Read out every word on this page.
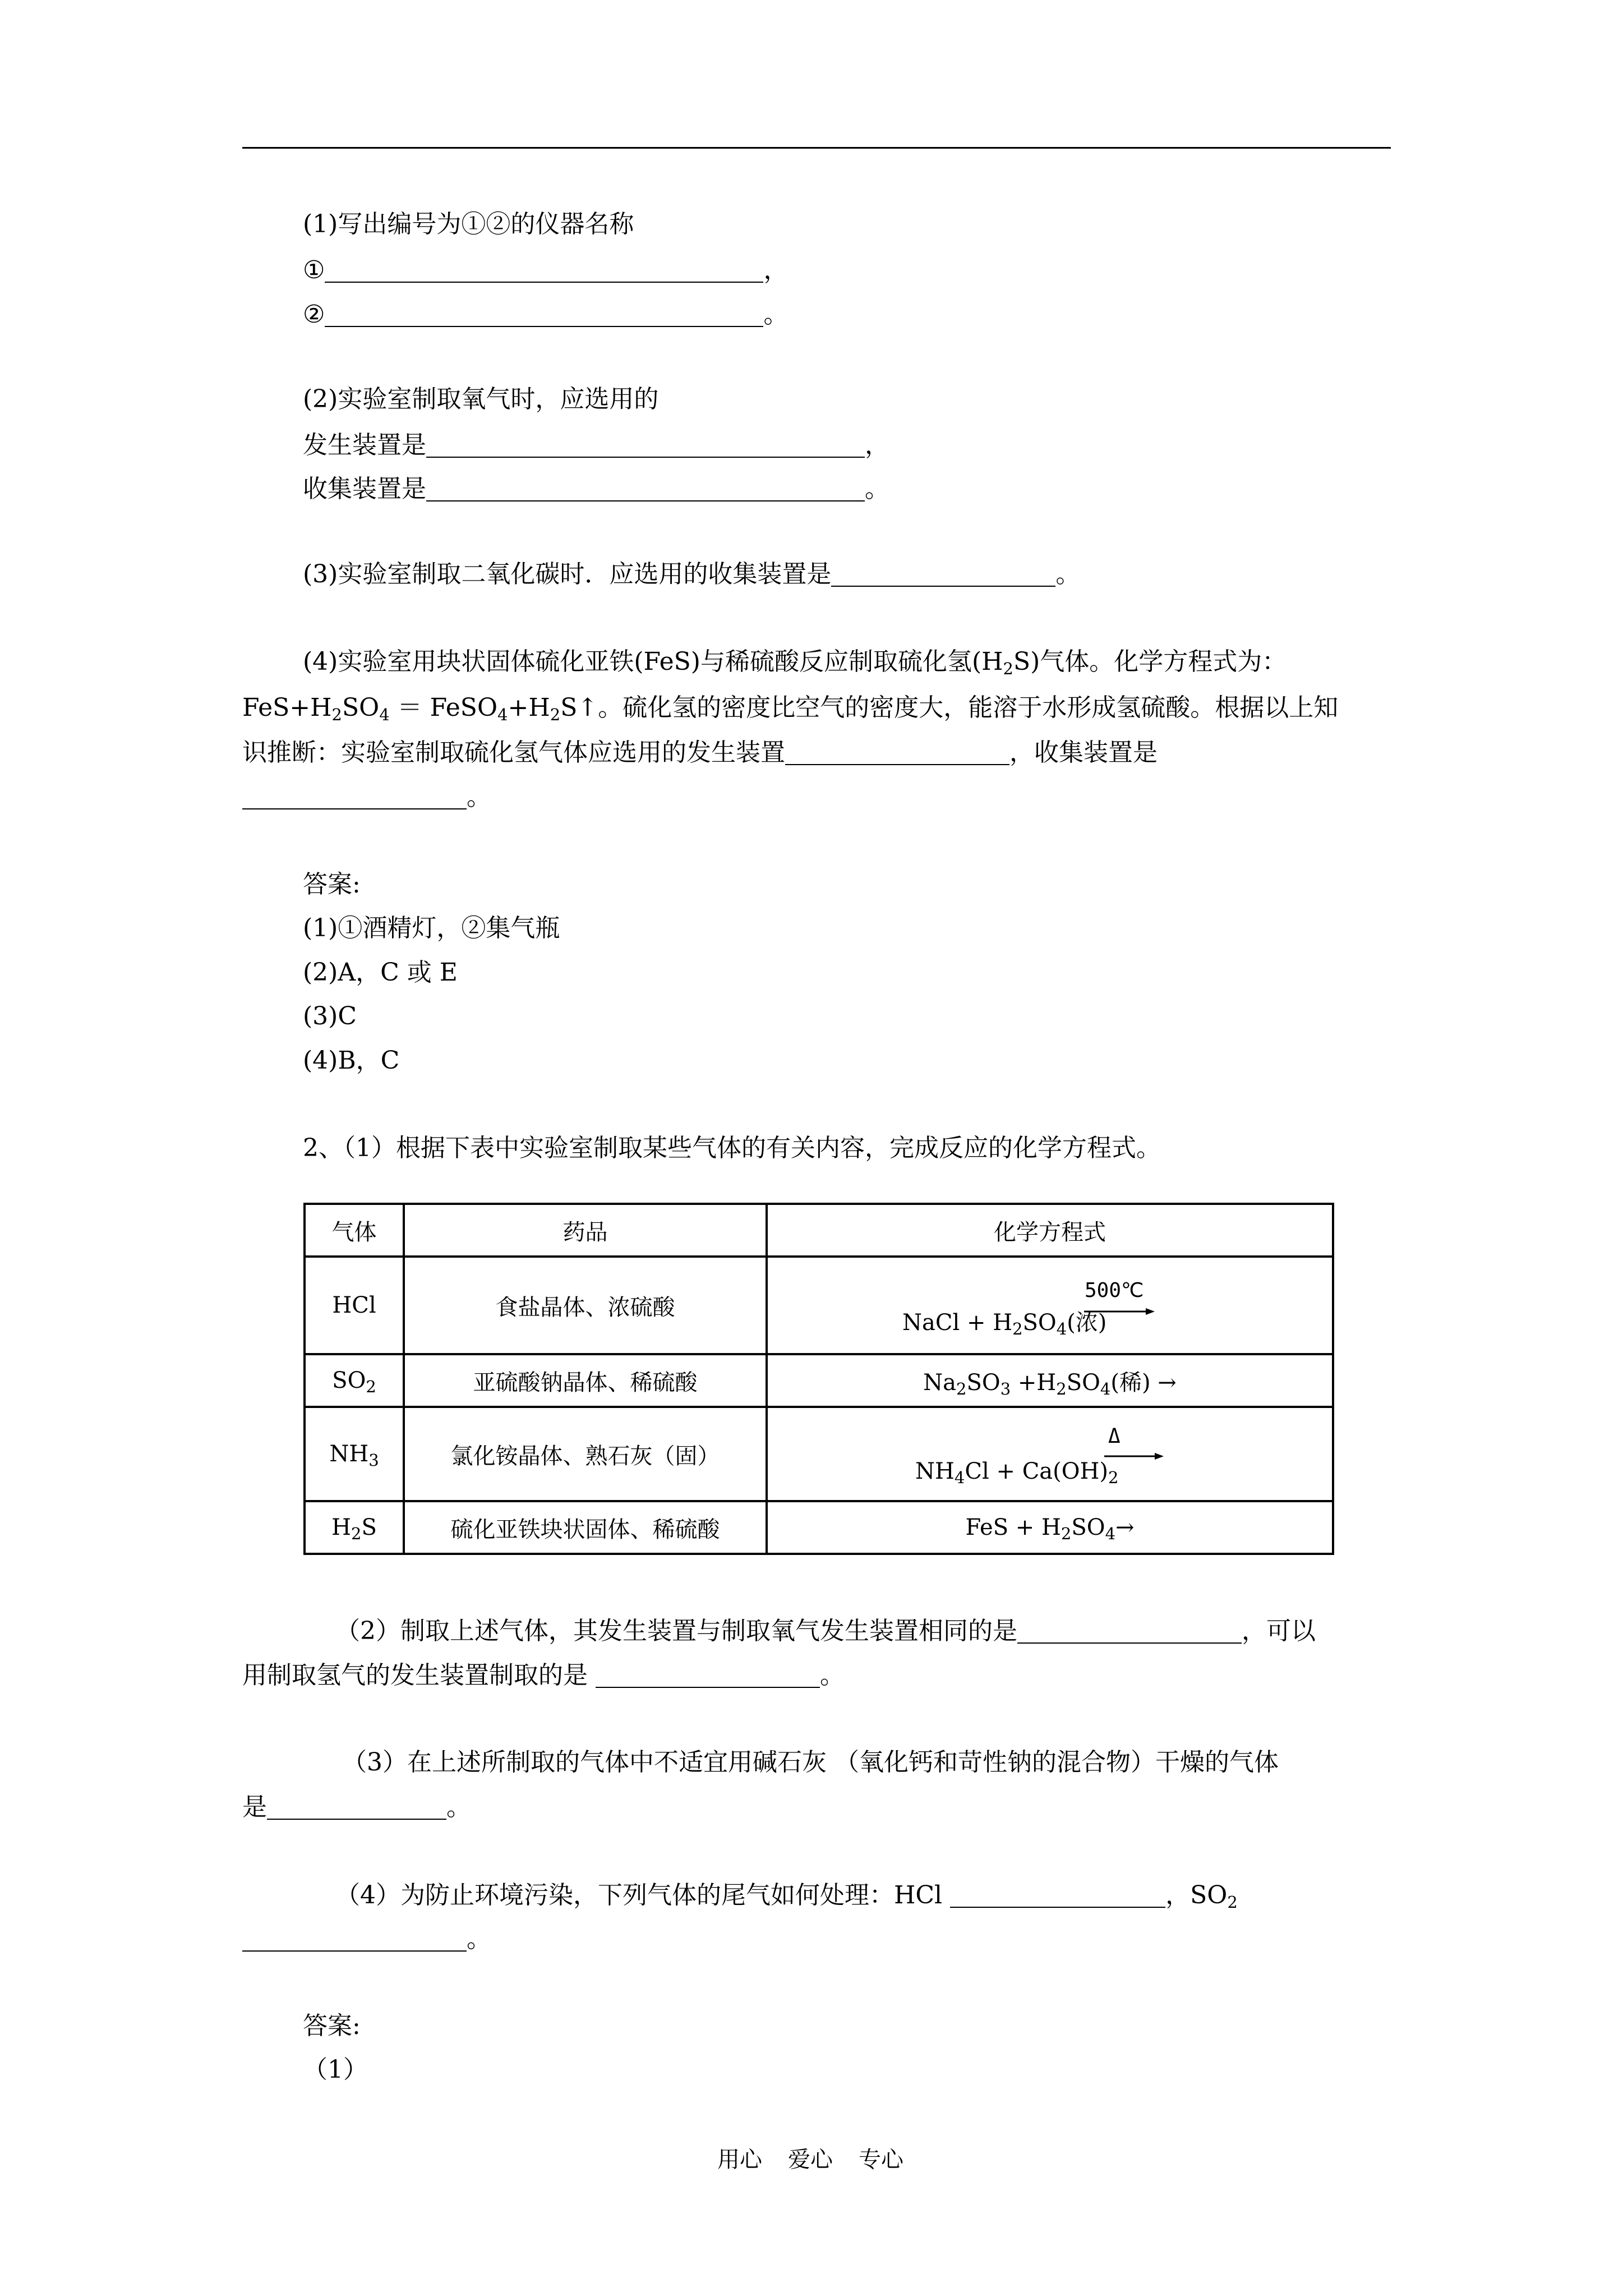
(1)写出编号为①②的仪器名称
①	，
②	。
(2)实验室制取氧气时，应选用的
发生装置是	，
收集装置是	。
(3)实验室制取二氧化碳时．应选用的收集装置是	。
(4)实验室用块状固体硫化亚铁(FeS)与稀硫酸反应制取硫化氢$(H_2S)$气体。化学方程式为：
$FeS+H_2SO_4$ ＝ $FeSO_4+H_2S↑$。硫化氢的密度比空气的密度大，能溶于水形成氢硫酸。根据以上知
识推断：实验室制取硫化氢气体应选用的发生装置	，收集装置是
。
答案:
(1)①酒精灯，②集气瓶
(2)A，C 或 E
(3)C
(4)B，C
2、（1）根据下表中实验室制取某些气体的有关内容，完成反应的化学方程式。
气体	药品	化学方程式
HCl	食盐晶体、浓硫酸	NaCl + $H_2SO_4$(浓)
500℃

$SO_2$	亚硫酸钠晶体、稀硫酸	$Na_2SO_3 +H_2SO_4$(稀) →
$NH_3$	氯化铵晶体、熟石灰（固）	$NH_4Cl + Ca(OH)_2$
Δ

$H_2S$	硫化亚铁块状固体、稀硫酸	FeS + $H_2SO_4\to$
（2）制取上述气体，其发生装置与制取氧气发生装置相同的是	，可以
用制取氢气的发生装置制取的是	。
（3）在上述所制取的气体中不适宜用碱石灰 （氧化钙和苛性钠的混合物）干燥的气体
是	。
（4）为防止环境污染，下列气体的尾气如何处理：HCl	，$SO_2$
。
答案:
（1）
用心 爱心 专心
